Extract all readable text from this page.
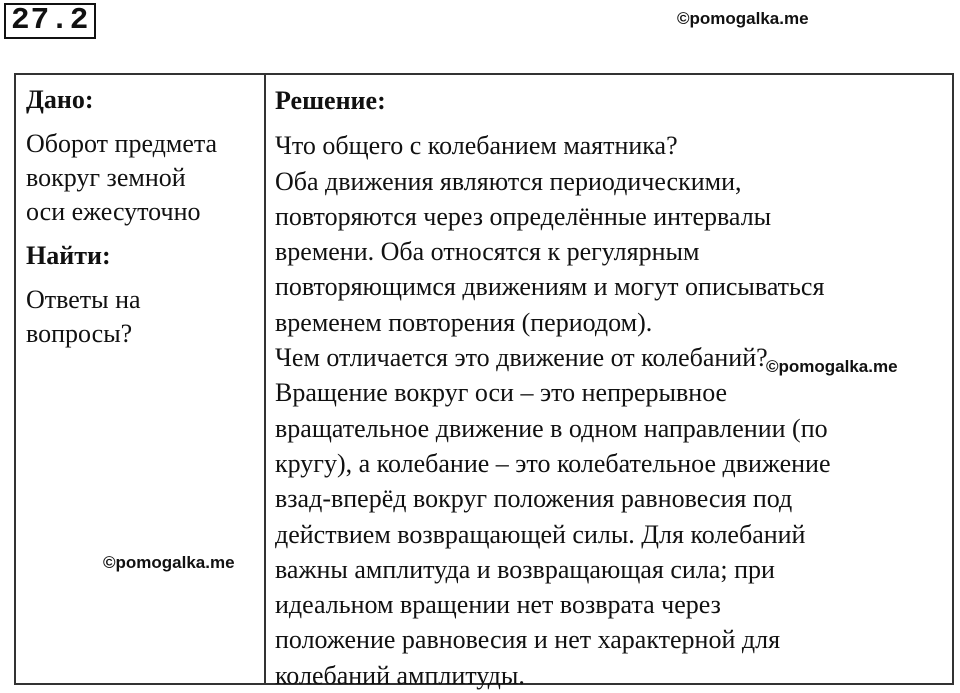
27.2	©pomogalka.me
Дано:
Оборот предмета
вокруг земной
оси ежесуточно
Найти:
Ответы на
вопросы?
Решение:
Что общего с колебанием маятника?
Оба движения являются периодическими,
повторяются через определённые интервалы
времени. Оба относятся к регулярным
повторяющимся движениям и могут описываться
временем повторения (периодом).
Чем отличается это движение от колебаний?
Вращение вокруг оси – это непрерывное
вращательное движение в одном направлении (по
кругу), а колебание – это колебательное движение
взад-вперёд вокруг положения равновесия под
действием возвращающей силы. Для колебаний
важны амплитуда и возвращающая сила; при
идеальном вращении нет возврата через
положение равновесия и нет характерной для
колебаний амплитуды.
©pomogalka.me
©pomogalka.me
